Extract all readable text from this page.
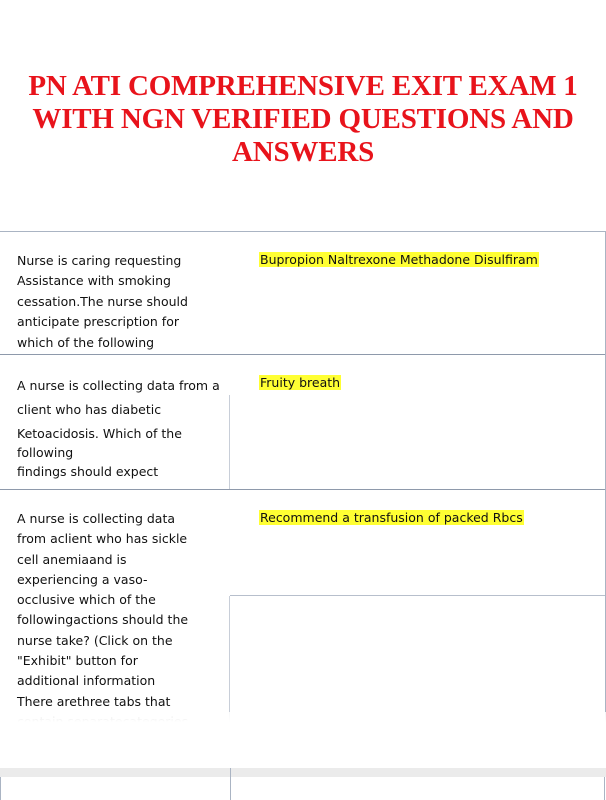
PN ATI COMPREHENSIVE EXIT EXAM 1
WITH NGN VERIFIED QUESTIONS AND
ANSWERS
Nurse is caring requesting
Assistance with smoking
cessation.The nurse should
anticipate prescription for
which of the following
Bupropion Naltrexone Methadone Disulfiram
A nurse is collecting data from a
client who has diabetic
Ketoacidosis. Which of the
following
findings should expect
Fruity breath
A nurse is collecting data
from aclient who has sickle
cell anemiaand is
experiencing a vaso-
occlusive which of the
followingactions should the
nurse take? (Click on the
"Exhibit" button for
additional information
There arethree tabs that
Recommend a transfusion of packed Rbcs
